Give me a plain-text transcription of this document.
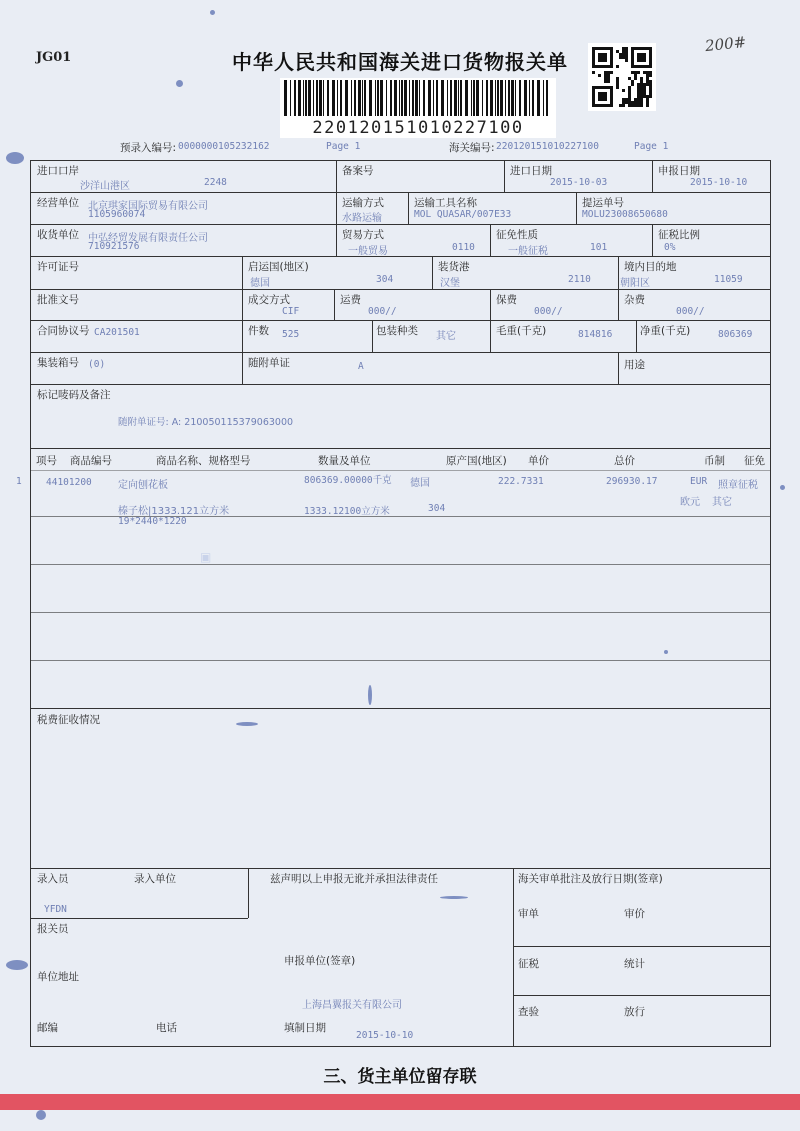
▣
JG01	中华人民共和国海关进口货物报关单
200#
220120151010227100
预录入编号: 0000000105232162	Page 1	海关编号: 220120151010227100	Page 1
进口口岸
沙洋山港区	2248
备案号	进口日期
2015-10-03
申报日期
2015-10-10
经营单位 北京琪家国际贸易有限公司
1105960074
运输方式
水路运输
运输工具名称
MOL QUASAR/007E33
提运单号
MOLU23008650680
收货单位 中弘经贸发展有限责任公司
710921576
贸易方式
一般贸易	0110
征免性质
一般征税	101
征税比例
0%
许可证号	启运国(地区)
德国	304
装货港
汉堡	2110
境内目的地
朝阳区	11059
批准文号	成交方式
CIF
运费
000//
保费
000//
杂费
000//
合同协议号 CA201501	件数 525	包装种类 其它	毛重(千克)	814816	净重(千克)	806369
集装箱号 (0)	随附单证	A	用途
标记唛码及备注
随附单证号: A: 210050115379063000
项号 商品编号	商品名称、规格型号	数量及单位	原产国(地区) 单价	总价	币制 征免
1	44101200	定向刨花板	806369.00000千克 德国	222.7331	296930.17	EUR 照章征税
榛子松|1333.121立方米	1333.12100立方米	304
欧元 其它
19*2440*1220
税费征收情况
录入员	录入单位
YFDN
兹声明以上申报无讹并承担法律责任	海关审单批注及放行日期(签章)
报关员
审单	审价
单位地址
申报单位(签章)
上海昌翼报关有限公司
征税	统计
邮编	电话	填制日期
2015-10-10
查验	放行
三、货主单位留存联
